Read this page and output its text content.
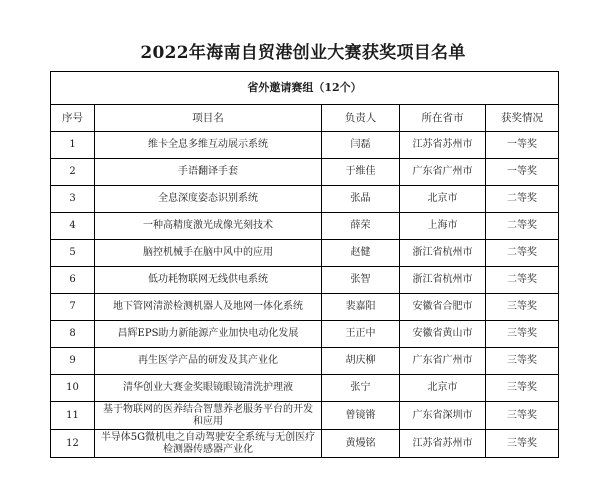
2022年海南自贸港创业大赛获奖项目名单
省外邀请赛组（12个）				
序号	项目名	负责人	所在省市	获奖情况
1	维卡全息多维互动展示系统	闫磊	江苏省苏州市	一等奖
2	手语翻译手套	于维佳	广东省广州市	一等奖
3	全息深度姿态识别系统	张晶	北京市	二等奖
4	一种高精度激光成像光刻技术	薛荣	上海市	二等奖
5	脑控机械手在脑中风中的应用	赵健	浙江省杭州市	二等奖
6	低功耗物联网无线供电系统	张智	浙江省杭州市	二等奖
7	地下管网清淤检测机器人及地网一体化系统	裴嘉阳	安徽省合肥市	三等奖
8	昌辉EPS助力新能源产业加快电动化发展	王正中	安徽省黄山市	三等奖
9	再生医学产品的研发及其产业化	胡庆柳	广东省广州市	三等奖
10	清华创业大赛金奖眼镜眼镜清洗护理液	张宁	北京市	三等奖
11	基于物联网的医养结合智慧养老服务平台的开发和应用	曾镜锵	广东省深圳市	三等奖
12	半导体5G微机电之自动驾驶安全系统与无创医疗检测器传感器产业化	黄熳铭	江苏省苏州市	三等奖
